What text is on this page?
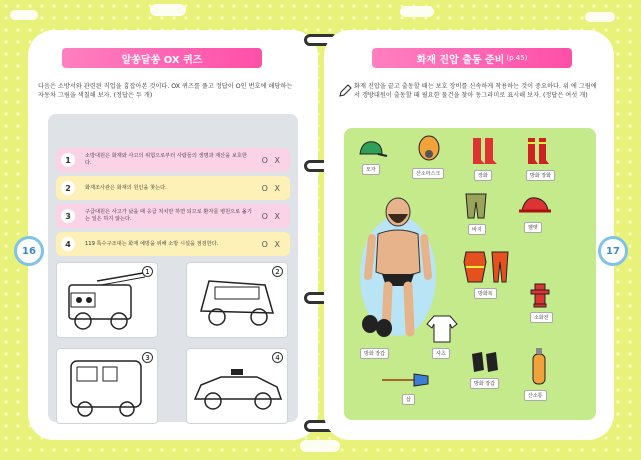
알쏭달쏭 OX 퀴즈
다음은 소방서와 관련된 직업을 흉잡아본 것이다. OX 퀴즈를 풀고 정답이 O인 번호에 해당하는 자동차 그림을 색칠해 보자. (정답은 두 개)
1	소방대원은 화재와 사고의 위험으로부터 사람들의 생명과 재산을 보호한다.	O X
2	화재조사관은 화재의 원인을 찾는다.	O X
3	구급대원은 사고가 났을 때 응급 처치만 하면 되므로 환자를 병원으로 옮기는 일은 하지 않는다.	O X
4	119 특수구조대는 화재 예방을 위해 소방 시설을 점검한다.	O X
1	2
3	4
16
화재 진압 출동 준비 (p.45)
화재 진압을 끝고 출동할 때는 보호 장비를 신속하게 착용하는 것이 중요하다. 위 에 그림에서 갱방대원이 출동할 때 필요한 물건을 찾아 동그라미로 표시해 보자. (정답은 여섯 개)
모자
산소마스크	장화	방화 장화
바지	헬멧
방화복
소화전
방화 장갑	셔츠
방화 장갑
산소통
삽
17
